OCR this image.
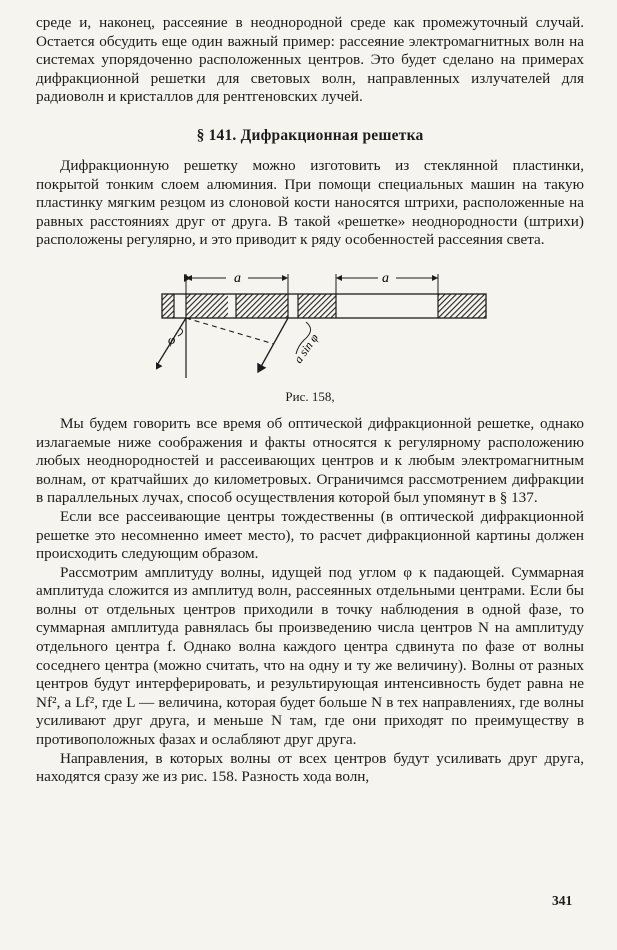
среде и, наконец, рассеяние в неоднородной среде как промежуточный случай. Остается обсудить еще один важный пример: рассеяние электромагнитных волн на системах упорядоченно расположенных центров. Это будет сделано на примерах дифракционной решетки для световых волн, направленных излучателей для радиоволн и кристаллов для рентгеновских лучей.

§ 141. Дифракционная решетка

Дифракционную решетку можно изготовить из стеклянной пластинки, покрытой тонким слоем алюминия. При помощи специальных машин на такую пластинку мягким резцом из слоновой кости наносятся штрихи, расположенные на равных расстояниях друг от друга. В такой «решетке» неоднородности (штрихи) расположены регулярно, и это приводит к ряду особенностей рассеяния света.

a	a
φ	a sin φ
Рис. 158,

Мы будем говорить все время об оптической дифракционной решетке, однако излагаемые ниже соображения и факты относятся к регулярному расположению любых неоднородностей и рассеивающих центров и к любым электромагнитным волнам, от кратчайших до километровых. Ограничимся рассмотрением дифракции в параллельных лучах, способ осуществления которой был упомянут в § 137.

Если все рассеивающие центры тождественны (в оптической дифракционной решетке это несомненно имеет место), то расчет дифракционной картины должен происходить следующим образом.

Рассмотрим амплитуду волны, идущей под углом φ к падающей. Суммарная амплитуда сложится из амплитуд волн, рассеянных отдельными центрами. Если бы волны от отдельных центров приходили в точку наблюдения в одной фазе, то суммарная амплитуда равнялась бы произведению числа центров N на амплитуду отдельного центра f. Однако волна каждого центра сдвинута по фазе от волны соседнего центра (можно считать, что на одну и ту же величину). Волны от разных центров будут интерферировать, и результирующая интенсивность будет равна не Nf², а Lf², где L — величина, которая будет больше N в тех направлениях, где волны усиливают друг друга, и меньше N там, где они приходят по преимуществу в противоположных фазах и ослабляют друг друга.

Направления, в которых волны от всех центров будут усиливать друг друга, находятся сразу же из рис. 158. Разность хода волн,

341
